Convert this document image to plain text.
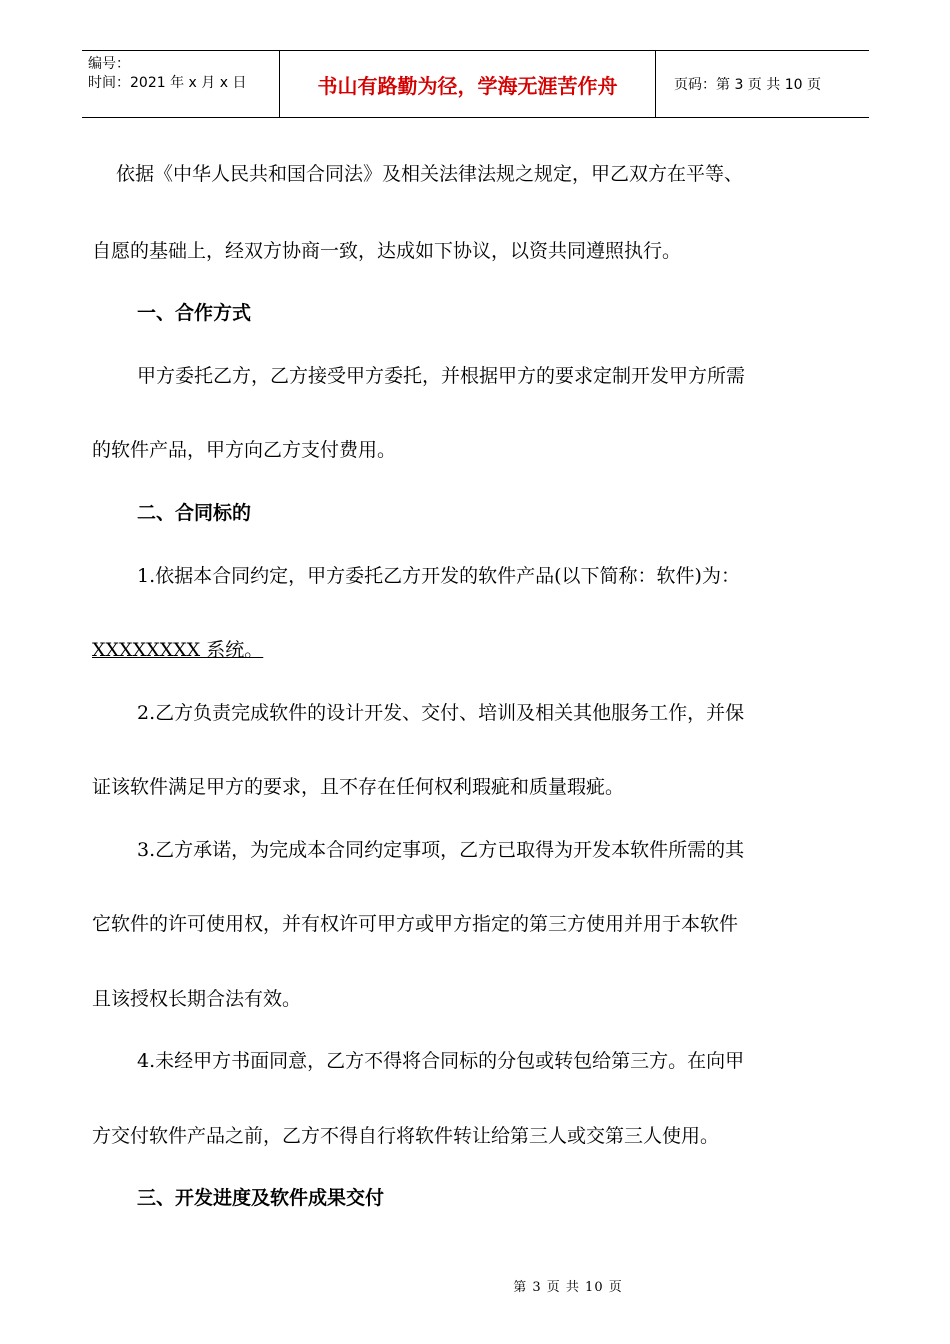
编号：
时间：2021 年 x 月 x 日	书山有路勤为径，学海无涯苦作舟	页码：第 3 页 共 10 页
依据《中华人民共和国合同法》及相关法律法规之规定，甲乙双方在平等、
自愿的基础上，经双方协商一致，达成如下协议，以资共同遵照执行。
一、合作方式
甲方委托乙方，乙方接受甲方委托，并根据甲方的要求定制开发甲方所需
的软件产品，甲方向乙方支付费用。
二、合同标的
1.依据本合同约定，甲方委托乙方开发的软件产品(以下简称：软件)为：
XXXXXXXX 系统。
2.乙方负责完成软件的设计开发、交付、培训及相关其他服务工作，并保
证该软件满足甲方的要求，且不存在任何权利瑕疵和质量瑕疵。
3.乙方承诺，为完成本合同约定事项，乙方已取得为开发本软件所需的其
它软件的许可使用权，并有权许可甲方或甲方指定的第三方使用并用于本软件
且该授权长期合法有效。
4.未经甲方书面同意，乙方不得将合同标的分包或转包给第三方。在向甲
方交付软件产品之前，乙方不得自行将软件转让给第三人或交第三人使用。
三、开发进度及软件成果交付
第 3 页 共 10 页
